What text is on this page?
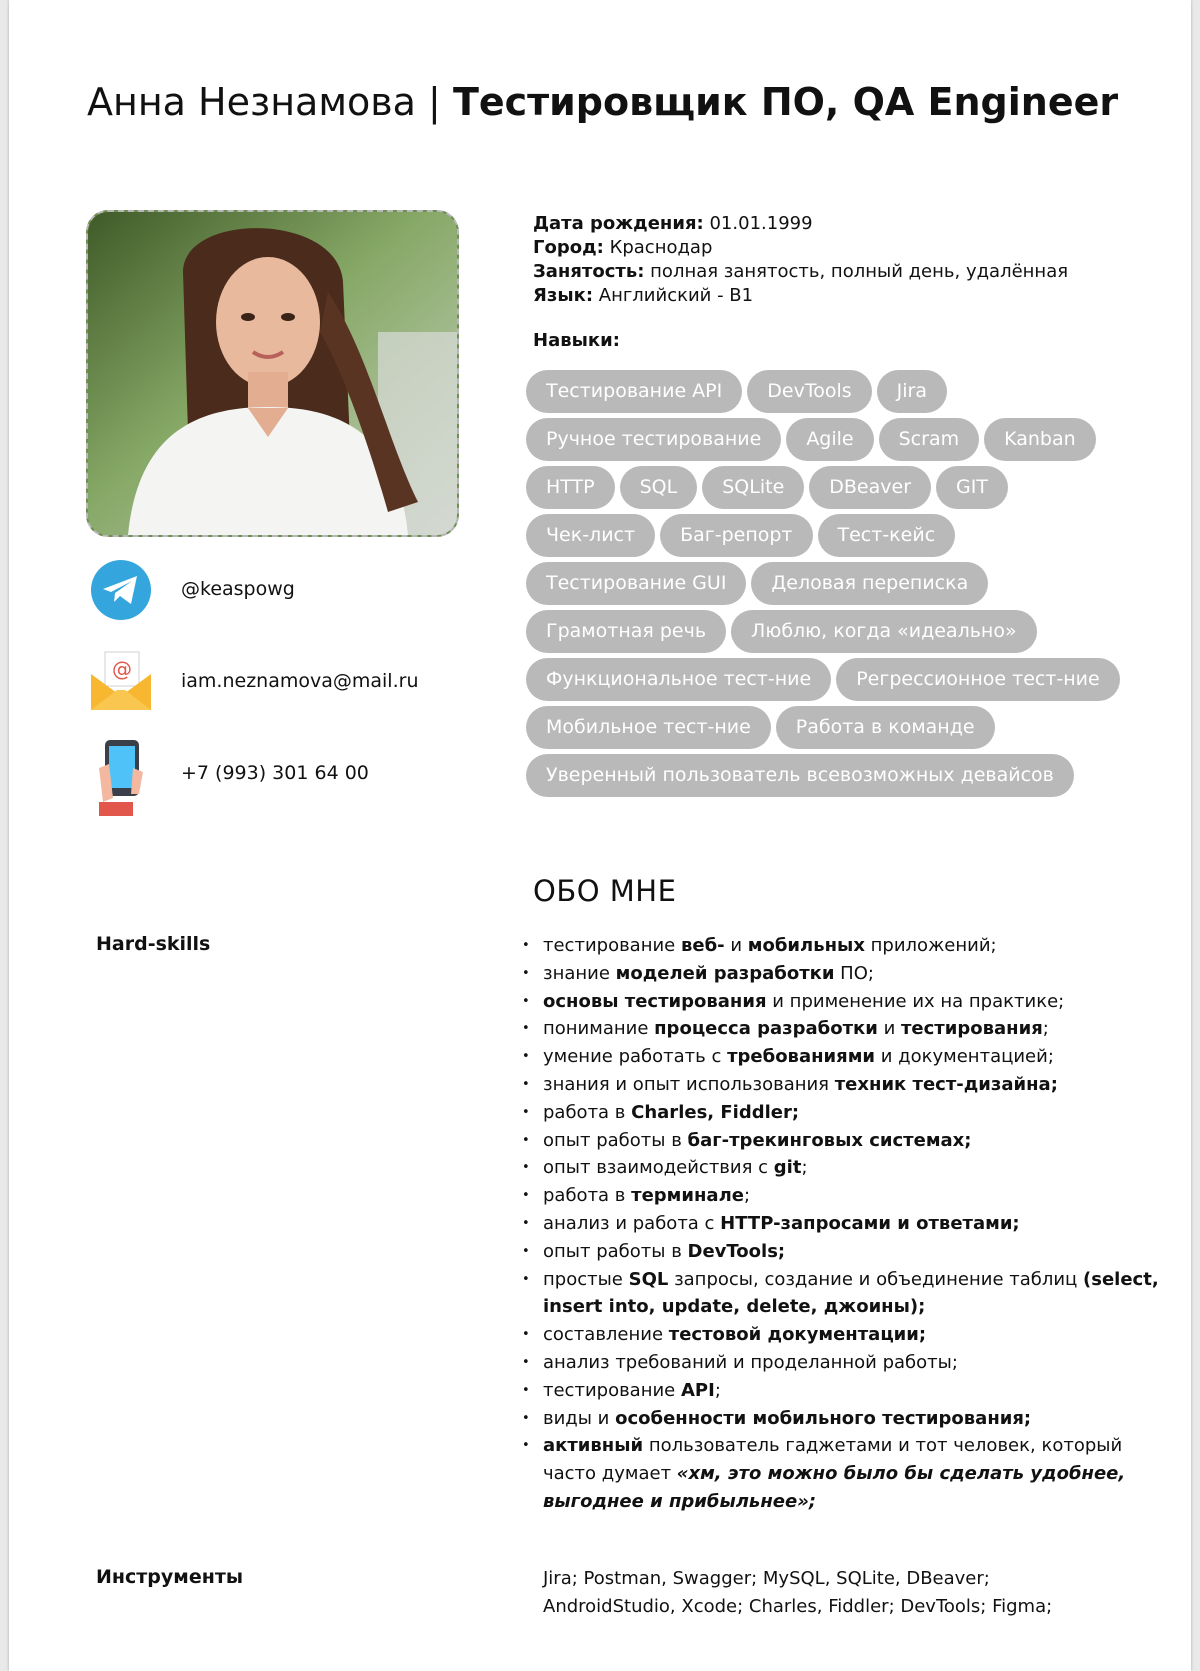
Анна Незнамова | Тестировщик ПО, QA Engineer
Дата рождения: 01.01.1999
Город: Краснодар
Занятость: полная занятость, полный день, удалённая
Язык: Английский - В1
Навыки:
Тестирование API	DevTools	Jira
Ручное тестирование	Agile	Scram	Kanban
HTTP	SQL	SQLite	DBeaver	GIT
Чек-лист	Баг-репорт	Тест-кейс
Тестирование GUI	Деловая переписка
Грамотная речь	Люблю, когда «идеально»
Функциональное тест-ние	Регрессионное тест-ние
Мобильное тест-ние	Работа в команде
Уверенный пользователь всевозможных девайсов
@keaspowg
@	iam.neznamova@mail.ru
+7 (993) 301 64 00
ОБО МНЕ
Hard-skills
•	тестирование веб- и мобильных приложений;
• знание моделей разработки ПО;
• основы тестирования и применение их на практике;
• понимание процесса разработки и тестирования;
• умение работать с требованиями и документацией;
• знания и опыт использования техник тест-дизайна;
• работа в Charles, Fiddler;
• опыт работы в баг-трекинговых системах;
• опыт взаимодействия с git;
• работа в терминале;
• анализ и работа с HTTP-запросами и ответами;
• опыт работы в DevTools;
• простые SQL запросы, создание и объединение таблиц (select, insert into, update, delete, джоины);
• составление тестовой документации;
• анализ требований и проделанной работы;
• тестирование API;
• виды и особенности мобильного тестирования;
• активный пользователь гаджетами и тот человек, который часто думает «хм, это можно было бы сделать удобнее, выгоднее и прибыльнее»;
Инструменты	Jira; Postman, Swagger; MySQL, SQLite, DBeaver;
AndroidStudio, Xcode; Charles, Fiddler; DevTools; Figma;
